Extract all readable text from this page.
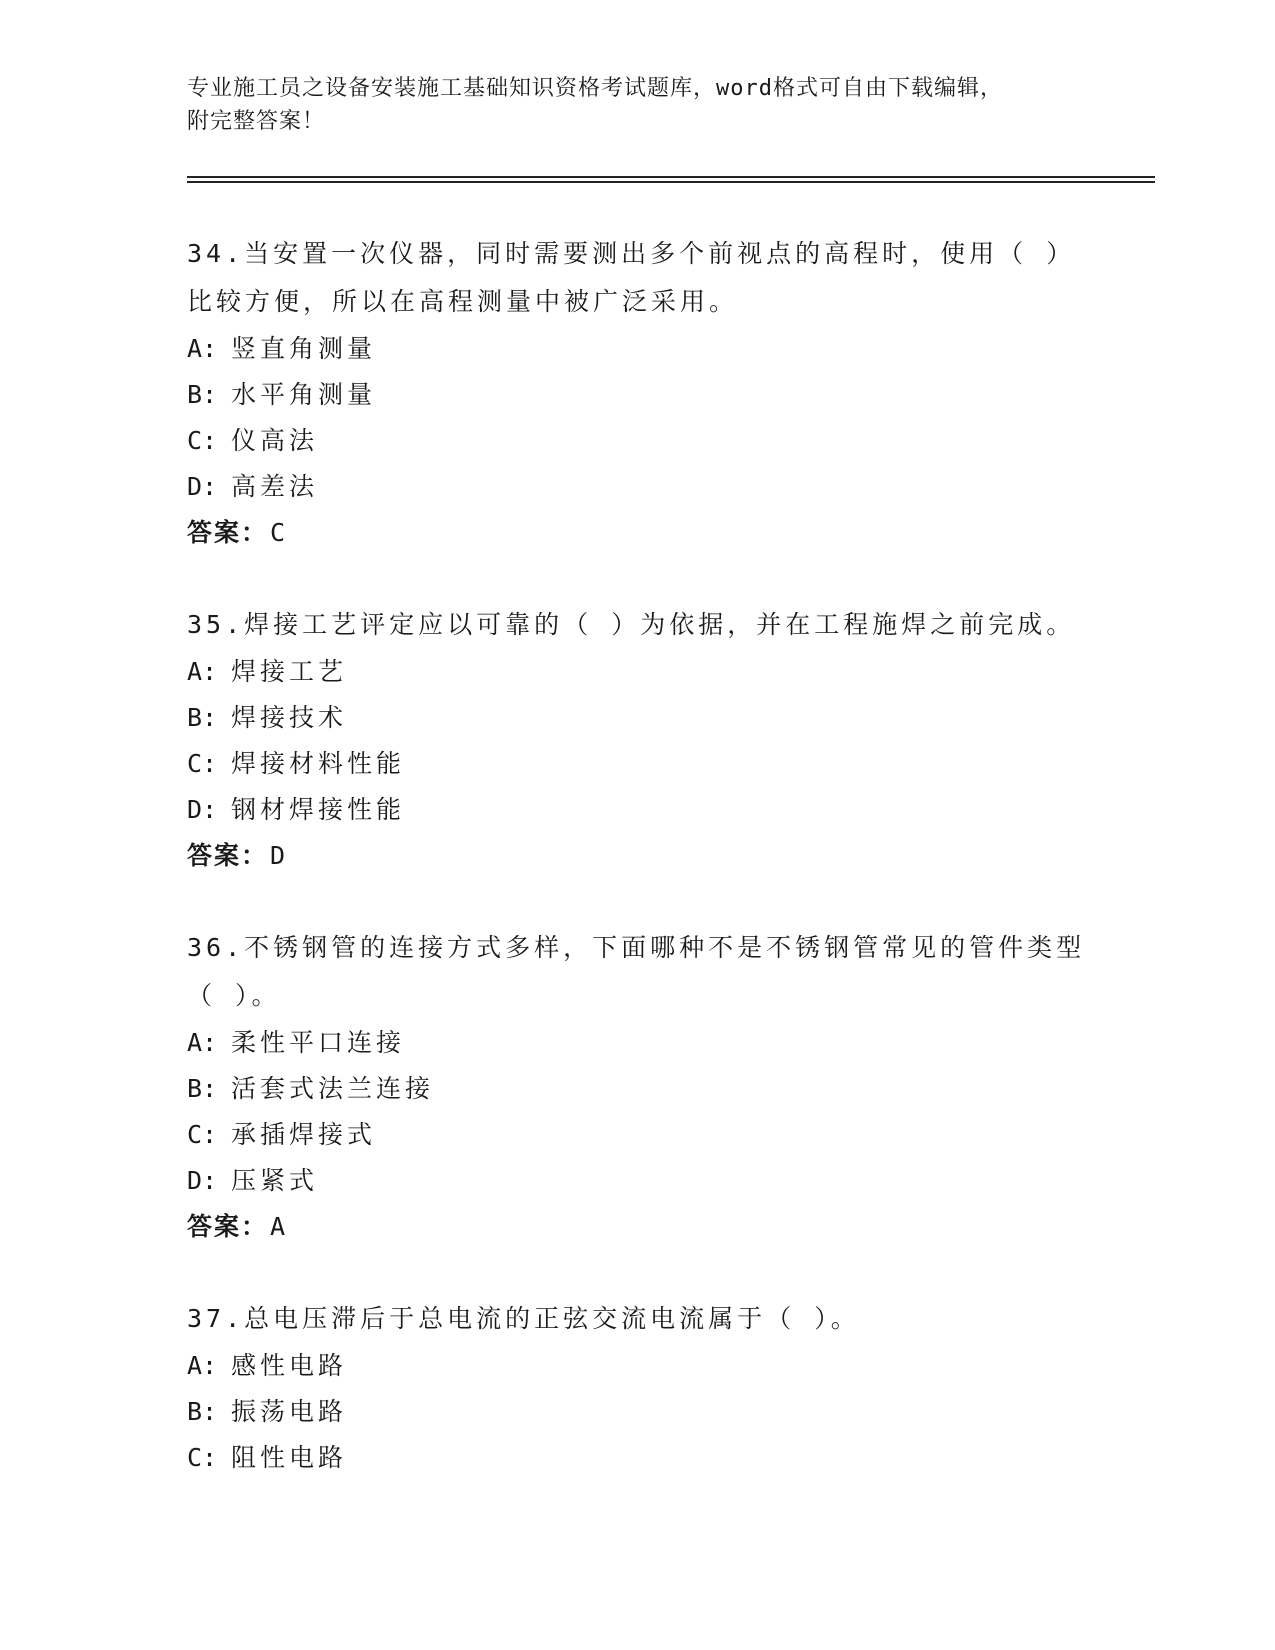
专业施工员之设备安装施工基础知识资格考试题库，word格式可自由下载编辑，
附完整答案！

34.当安置一次仪器，同时需要测出多个前视点的高程时，使用（ ）

比较方便，所以在高程测量中被广泛采用。

A: 竖直角测量

B: 水平角测量

C: 仪高法

D: 高差法

答案：C

35.焊接工艺评定应以可靠的（ ）为依据，并在工程施焊之前完成。

A: 焊接工艺

B: 焊接技术

C: 焊接材料性能

D: 钢材焊接性能

答案：D

36.不锈钢管的连接方式多样，下面哪种不是不锈钢管常见的管件类型

（ ）。

A: 柔性平口连接

B: 活套式法兰连接

C: 承插焊接式

D: 压紧式

答案：A

37.总电压滞后于总电流的正弦交流电流属于（ ）。

A: 感性电路

B: 振荡电路

C: 阻性电路
